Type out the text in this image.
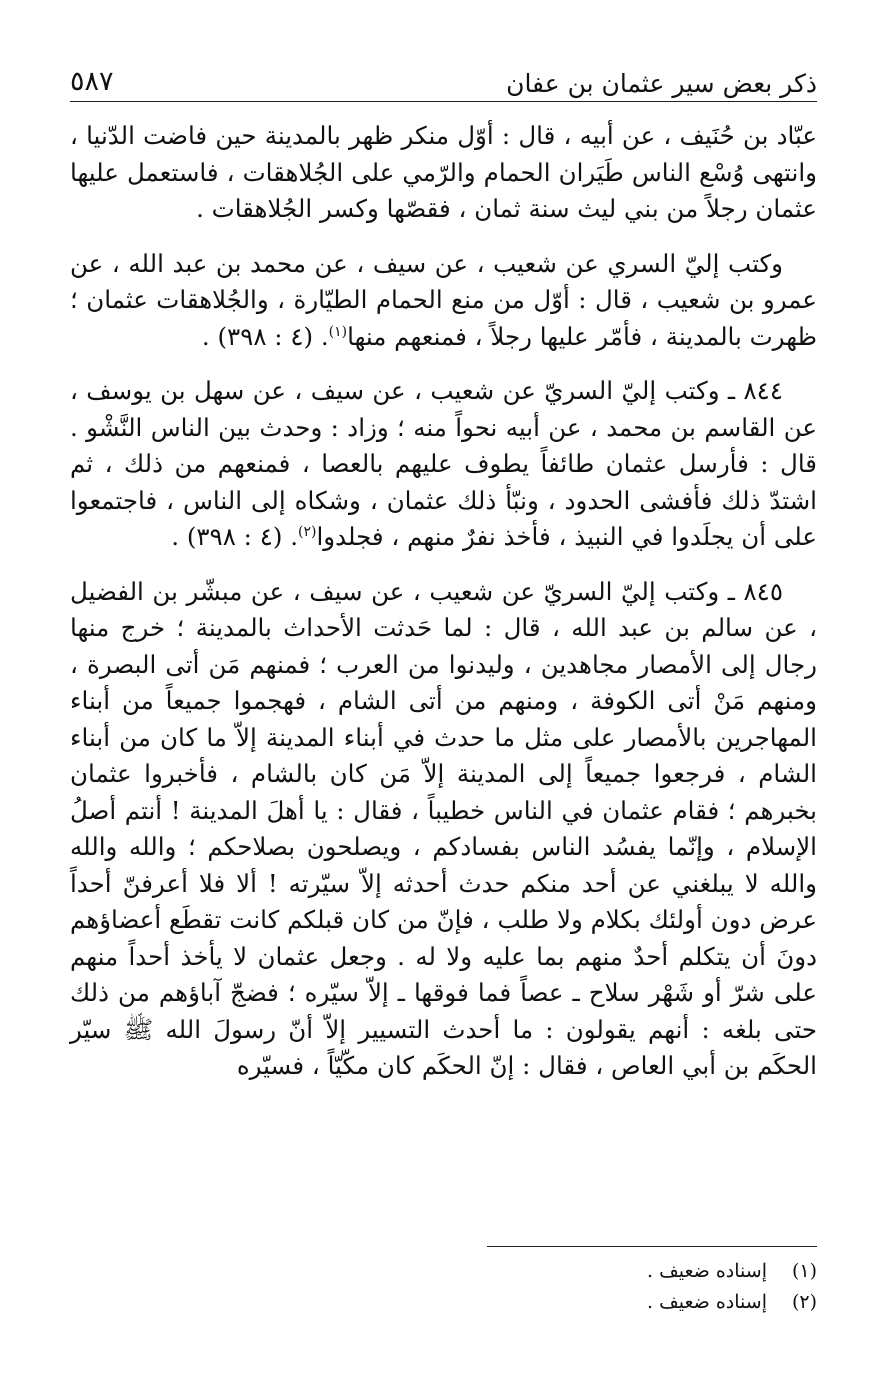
ذكر بعض سير عثمان بن عفان
٥٨٧

عبّاد بن حُنَيف ، عن أبيه ، قال : أوّل منكر ظهر بالمدينة حين فاضت الدّنيا ، وانتهى وُسْع الناس طَيَران الحمام والرّمي على الجُلاهقات ، فاستعمل عليها عثمان رجلاً من بني ليث سنة ثمان ، فقصّها وكسر الجُلاهقات .

وكتب إليّ السري عن شعيب ، عن سيف ، عن محمد بن عبد الله ، عن عمرو بن شعيب ، قال : أوّل من منع الحمام الطيّارة ، والجُلاهقات عثمان ؛ ظهرت بالمدينة ، فأمّر عليها رجلاً ، فمنعهم منها$^{(١)}$. (٤ : ٣٩٨) .

٨٤٤ ـ وكتب إليّ السريّ عن شعيب ، عن سيف ، عن سهل بن يوسف ، عن القاسم بن محمد ، عن أبيه نحواً منه ؛ وزاد : وحدث بين الناس النَّشْو . قال : فأرسل عثمان طائفاً يطوف عليهم بالعصا ، فمنعهم من ذلك ، ثم اشتدّ ذلك فأفشى الحدود ، ونبّأ ذلك عثمان ، وشكاه إلى الناس ، فاجتمعوا على أن يجلَدوا في النبيذ ، فأخذ نفرٌ منهم ، فجلدوا$^{(٢)}$. (٤ : ٣٩٨) .

٨٤٥ ـ وكتب إليّ السريّ عن شعيب ، عن سيف ، عن مبشّر بن الفضيل ، عن سالم بن عبد الله ، قال : لما حَدثت الأحداث بالمدينة ؛ خرج منها رجال إلى الأمصار مجاهدين ، وليدنوا من العرب ؛ فمنهم مَن أتى البصرة ، ومنهم مَنْ أتى الكوفة ، ومنهم من أتى الشام ، فهجموا جميعاً من أبناء المهاجرين بالأمصار على مثل ما حدث في أبناء المدينة إلاّ ما كان من أبناء الشام ، فرجعوا جميعاً إلى المدينة إلاّ مَن كان بالشام ، فأخبروا عثمان بخبرهم ؛ فقام عثمان في الناس خطيباً ، فقال : يا أهلَ المدينة ! أنتم أصلُ الإسلام ، وإنّما يفسُد الناس بفسادكم ، ويصلحون بصلاحكم ؛ والله والله والله لا يبلغني عن أحد منكم حدث أحدثه إلاّ سيّرته ! ألا فلا أعرفنّ أحداً عرض دون أولئك بكلام ولا طلب ، فإنّ من كان قبلكم كانت تقطَع أعضاؤهم دونَ أن يتكلم أحدٌ منهم بما عليه ولا له . وجعل عثمان لا يأخذ أحداً منهم على شرّ أو شَهْر سلاح ـ عصاً فما فوقها ـ إلاّ سيّره ؛ فضجّ آباؤهم من ذلك حتى بلغه : أنهم يقولون : ما أحدث التسيير إلاّ أنّ رسولَ الله ﷺ سيّر الحكَم بن أبي العاص ، فقال : إنّ الحكَم كان مكّيّاً ، فسيّره

(١)
إسناده ضعيف .
(٢)
إسناده ضعيف .
